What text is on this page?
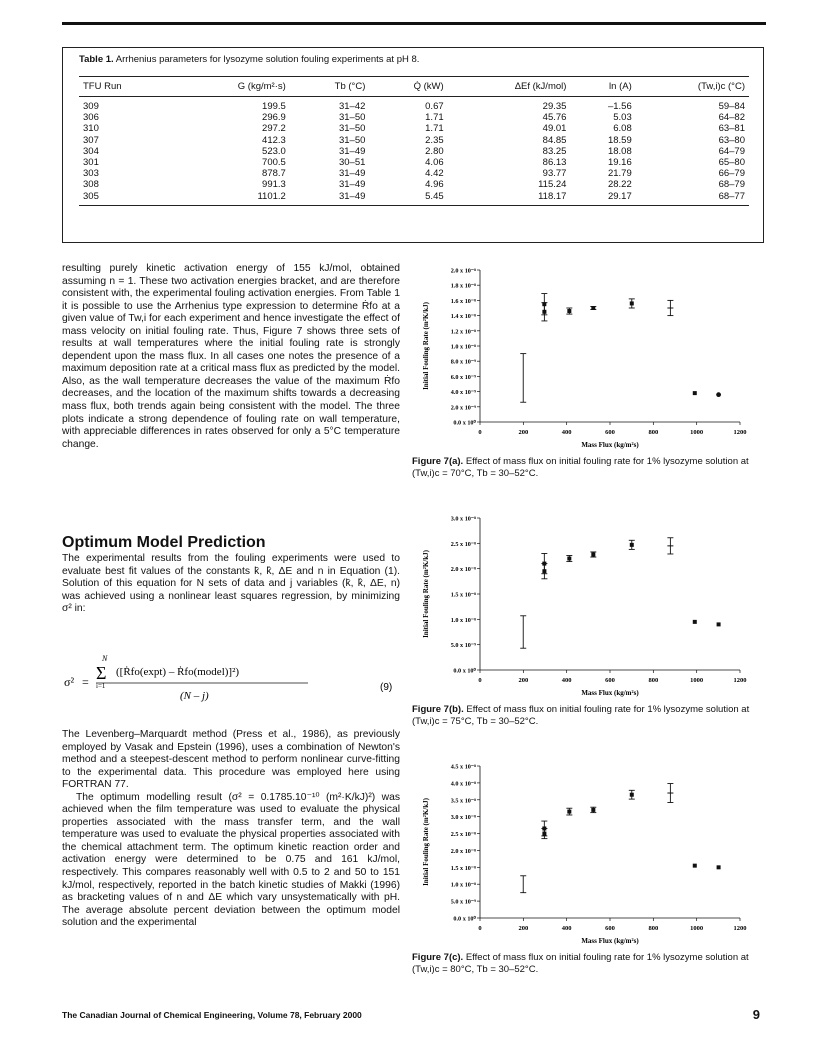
Table 1. Arrhenius parameters for lysozyme solution fouling experiments at pH 8.
TFU Run	G (kg/m²·s)	Tb (°C)	Q̇ (kW)	ΔEf (kJ/mol)	ln (A)	(Tw,i)c (°C)
309	199.5	31–42	0.67	29.35	–1.56	59–84
306	296.9	31–50	1.71	45.76	5.03	64–82
310	297.2	31–50	1.71	49.01	6.08	63–81
307	412.3	31–50	2.35	84.85	18.59	63–80
304	523.0	31–49	2.80	83.25	18.08	64–79
301	700.5	30–51	4.06	86.13	19.16	65–80
303	878.7	31–49	4.42	93.77	21.79	66–79
308	991.3	31–49	4.96	115.24	28.22	68–79
305	1101.2	31–49	5.45	118.17	29.17	68–77

resulting purely kinetic activation energy of 155 kJ/mol, obtained assuming n = 1. These two activation energies bracket, and are therefore consistent with, the experimental fouling activation energies. From Table 1 it is possible to use the Arrhenius type expression to determine Ṙfo at a given value of Tw,i for each experiment and hence investigate the effect of mass velocity on initial fouling rate. Thus, Figure 7 shows three sets of results at wall temperatures where the initial fouling rate is strongly dependent upon the mass flux. In all cases one notes the presence of a maximum deposition rate at a critical mass flux as predicted by the model. Also, as the wall temperature decreases the value of the maximum Ṙfo decreases, and the location of the maximum shifts towards a decreasing mass flux, both trends again being consistent with the model. The three plots indicate a strong dependence of fouling rate on wall temperature, with appreciable differences in rates observed for only a 5°C temperature change.

Optimum Model Prediction

The experimental results from the fouling experiments were used to evaluate best fit values of the constants k̄, k̂, ΔE and n in Equation (1). Solution of this equation for N sets of data and j variables (k̄, k̂, ΔE, n) was achieved using a nonlinear least squares regression, by minimizing σ² in:

σ² =
N
Σ
i=1
([Ṙfo(expt) – Ṙfo(model)]²)
(N – j)
(9)

The Levenberg–Marquardt method (Press et al., 1986), as previously employed by Vasak and Epstein (1996), uses a combination of Newton's method and a steepest-descent method to perform nonlinear curve-fitting to the experimental data. This procedure was employed here using FORTRAN 77.

The optimum modelling result (σ² = 0.1785.10⁻¹⁰ (m²·K/kJ)²) was achieved when the film temperature was used to evaluate the physical properties associated with the mass transfer term, and the wall temperature was used to evaluate the physical properties associated with the chemical attachment term. The optimum kinetic reaction order and activation energy were determined to be 0.75 and 161 kJ/mol, respectively. This compares reasonably well with 0.5 to 2 and 50 to 151 kJ/mol, respectively, reported in the batch kinetic studies of Makki (1996) as bracketing values of n and ΔE which vary unsystematically with pH. The average absolute percent deviation between the optimum model solution and the experimental

0.0 x 10⁰
2.0 x 10⁻⁹
4.0 x 10⁻⁹
6.0 x 10⁻⁹
8.0 x 10⁻⁹
1.0 x 10⁻⁸
1.2 x 10⁻⁸
1.4 x 10⁻⁸
1.6 x 10⁻⁸
1.8 x 10⁻⁸
2.0 x 10⁻⁸
0	200	400	600	800	1000	1200
Mass Flux (kg/m²s)
Initial Fouling Rate (m²K/kJ)
Figure 7(a). Effect of mass flux on initial fouling rate for 1% lysozyme solution at (Tw,i)c = 70°C, Tb = 30–52°C.
0.0 x 10⁰
5.0 x 10⁻⁹
1.0 x 10⁻⁸
1.5 x 10⁻⁸
2.0 x 10⁻⁸
2.5 x 10⁻⁸
3.0 x 10⁻⁸
0	200	400	600	800	1000	1200
Mass Flux (kg/m²s)
Initial Fouling Rate (m²K/kJ)
Figure 7(b). Effect of mass flux on initial fouling rate for 1% lysozyme solution at (Tw,i)c = 75°C, Tb = 30–52°C.
0.0 x 10⁰
5.0 x 10⁻⁹
1.0 x 10⁻⁸
1.5 x 10⁻⁸
2.0 x 10⁻⁸
2.5 x 10⁻⁸
3.0 x 10⁻⁸
3.5 x 10⁻⁸
4.0 x 10⁻⁸
4.5 x 10⁻⁸
0	200	400	600	800	1000	1200
Mass Flux (kg/m²s)
Initial Fouling Rate (m²K/kJ)
Figure 7(c). Effect of mass flux on initial fouling rate for 1% lysozyme solution at (Tw,i)c = 80°C, Tb = 30–52°C.
The Canadian Journal of Chemical Engineering, Volume 78, February 2000	9
